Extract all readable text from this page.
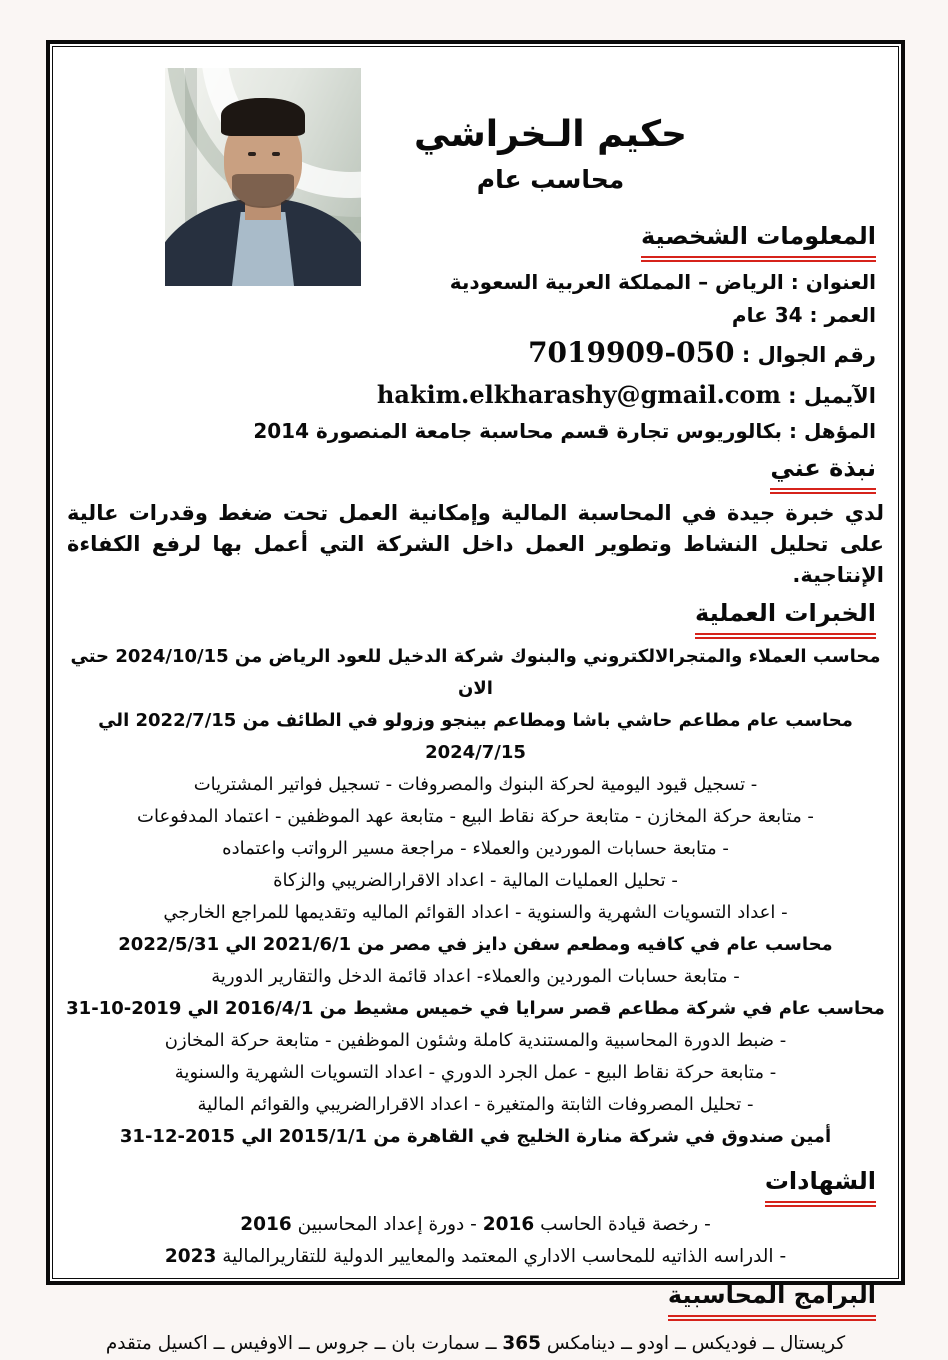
حكيم الـخراشي
محاسب عام
المعلومات الشخصية
العنوان : الرياض – المملكة العربية السعودية
العمر : 34 عام
رقم الجوال : 050-7019909
الآيميل : hakim.elkharashy@gmail.com
المؤهل : بكالوريوس تجارة قسم محاسبة جامعة المنصورة 2014
نبذة عني
لدي خبرة جيدة في المحاسبة المالية وإمكانية العمل تحت ضغط وقدرات عالية على تحليل النشاط وتطوير العمل داخل الشركة التي أعمل بها لرفع الكفاءة الإنتاجية.
الخبرات العملية
محاسب العملاء والمتجرالالكتروني والبنوك شركة الدخيل للعود الرياض من 2024/10/15 حتي الان
محاسب عام مطاعم حاشي باشا ومطاعم بينجو وزولو في الطائف من 2022/7/15 الي 2024/7/15
- تسجيل قيود اليومية لحركة البنوك والمصروفات - تسجيل فواتير المشتريات
- متابعة حركة المخازن - متابعة حركة نقاط البيع - متابعة عهد الموظفين - اعتماد المدفوعات
- متابعة حسابات الموردين والعملاء - مراجعة مسير الرواتب واعتماده
- تحليل العمليات المالية - اعداد الاقرارالضريبي والزكاة
- اعداد التسويات الشهرية والسنوية - اعداد القوائم الماليه وتقديمها للمراجع الخارجي
محاسب عام في كافيه ومطعم سفن دايز في مصر من 2021/6/1 الي 2022/5/31
- متابعة حسابات الموردين والعملاء- اعداد قائمة الدخل والتقارير الدورية
محاسب عام في شركة مطاعم قصر سرايا في خميس مشيط من 2016/4/1 الي 2019-10-31
- ضبط الدورة المحاسبية والمستندية كاملة وشئون الموظفين - متابعة حركة المخازن
- متابعة حركة نقاط البيع - عمل الجرد الدوري - اعداد التسويات الشهرية والسنوية
- تحليل المصروفات الثابتة والمتغيرة - اعداد الاقرارالضريبي والقوائم المالية
أمين صندوق في شركة منارة الخليج في القاهرة من 2015/1/1 الي 2015-12-31
الشهادات
- رخصة قيادة الحاسب 2016 - دورة إعداد المحاسبين 2016
- الدراسه الذاتيه للمحاسب الاداري المعتمد والمعايير الدولية للتقاريرالمالية 2023
البرامج المحاسبية
كريستال ــ فوديكس ــ اودو ــ دينامكس 365 ــ سمارت بان ــ جروس ــ الاوفيس ــ اكسيل متقدم
